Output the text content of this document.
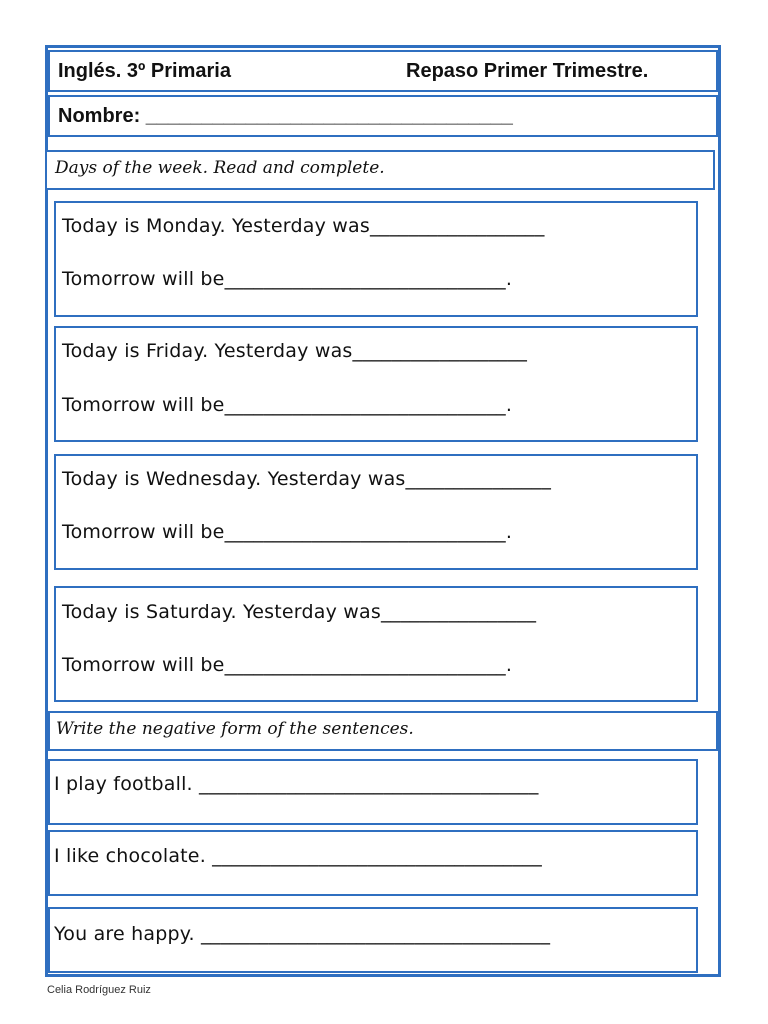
Inglés. 3º Primaria	Repaso Primer Trimestre.
Nombre: _________________________________
Days of the week. Read and complete.
Today is Monday. Yesterday was__________________
Tomorrow will be_____________________________.
Today is Friday. Yesterday was__________________
Tomorrow will be_____________________________.
Today is Wednesday. Yesterday was_______________
Tomorrow will be_____________________________.
Today is Saturday. Yesterday was________________
Tomorrow will be_____________________________.
Write the negative form of the sentences.
I play football. ___________________________________
I like chocolate. __________________________________
You are happy. ____________________________________
Celia Rodríguez Ruiz
